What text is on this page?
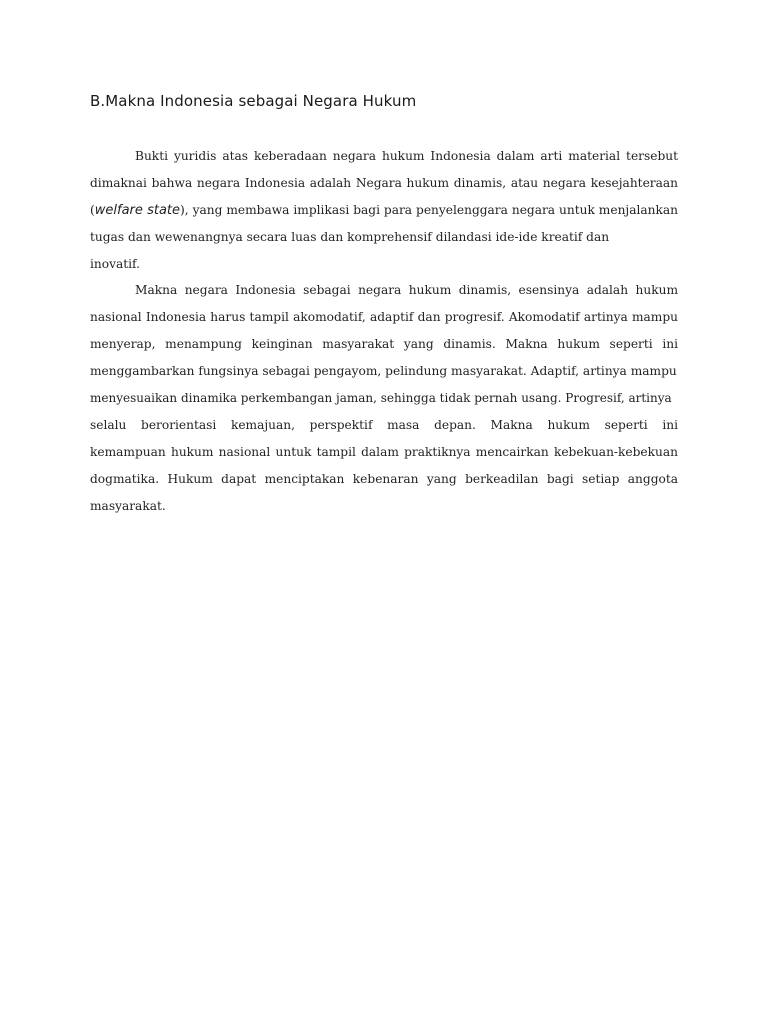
B.Makna Indonesia sebagai Negara Hukum
Bukti yuridis atas keberadaan negara hukum Indonesia dalam arti material tersebut
dimaknai bahwa negara Indonesia adalah Negara hukum dinamis, atau negara kesejahteraan
(welfare state), yang membawa implikasi bagi para penyelenggara negara untuk menjalankan
tugas dan wewenangnya secara luas dan komprehensif dilandasi ide-ide kreatif dan
inovatif.
Makna negara Indonesia sebagai negara hukum dinamis, esensinya adalah hukum
nasional Indonesia harus tampil akomodatif, adaptif dan progresif. Akomodatif artinya mampu
menyerap, menampung keinginan masyarakat yang dinamis. Makna hukum seperti ini
menggambarkan fungsinya sebagai pengayom, pelindung masyarakat. Adaptif, artinya mampu
menyesuaikan dinamika perkembangan jaman, sehingga tidak pernah usang. Progresif, artinya
selalu berorientasi kemajuan, perspektif masa depan. Makna hukum seperti ini
kemampuan hukum nasional untuk tampil dalam praktiknya mencairkan kebekuan-kebekuan
dogmatika. Hukum dapat menciptakan kebenaran yang berkeadilan bagi setiap anggota
masyarakat.
